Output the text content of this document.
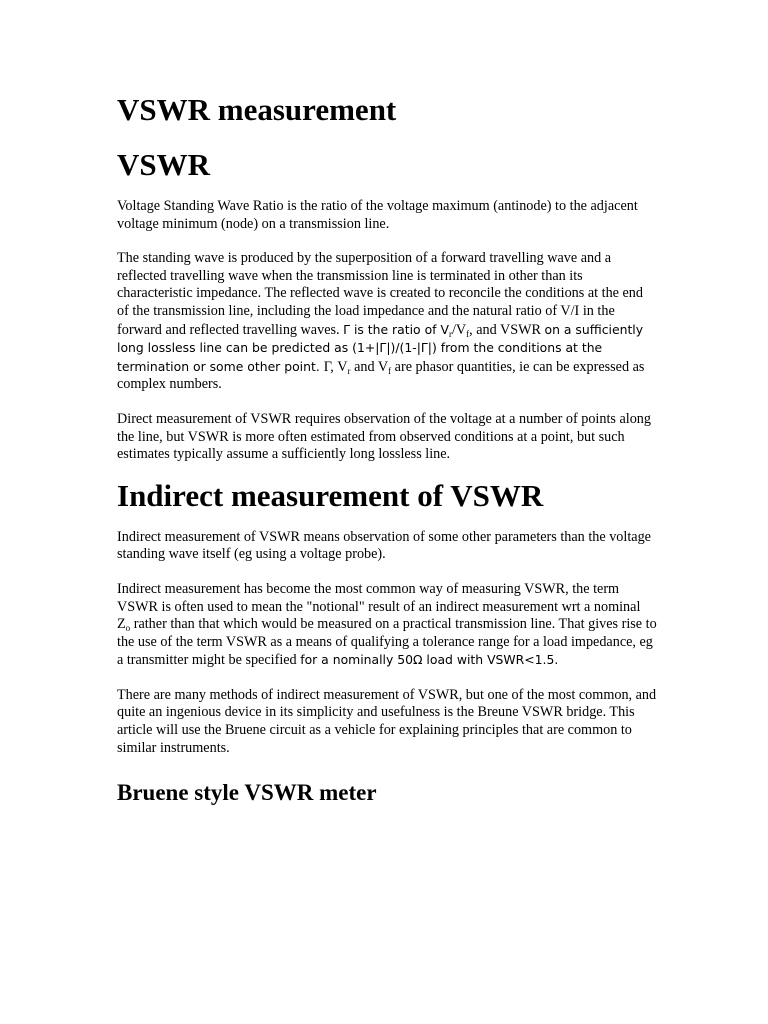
VSWR measurement
VSWR

Voltage Standing Wave Ratio is the ratio of the voltage maximum (antinode) to the adjacent voltage minimum (node) on a transmission line.

The standing wave is produced by the superposition of a forward travelling wave and a reflected travelling wave when the transmission line is terminated in other than its characteristic impedance. The reflected wave is created to reconcile the conditions at the end of the transmission line, including the load impedance and the natural ratio of V/I in the forward and reflected travelling waves. Γ is the ratio of $V_r/V_f$, and VSWR on a sufficiently long lossless line can be predicted as (1+|Γ|)/(1-|Γ|) from the conditions at the termination or some other point. Γ, $V_r$ and $V_f$ are phasor quantities, ie can be expressed as complex numbers.

Direct measurement of VSWR requires observation of the voltage at a number of points along the line, but VSWR is more often estimated from observed conditions at a point, but such estimates typically assume a sufficiently long lossless line.

Indirect measurement of VSWR

Indirect measurement of VSWR means observation of some other parameters than the voltage standing wave itself (eg using a voltage probe).

Indirect measurement has become the most common way of measuring VSWR, the term VSWR is often used to mean the "notional" result of an indirect measurement wrt a nominal $Z_o$ rather than that which would be measured on a practical transmission line. That gives rise to the use of the term VSWR as a means of qualifying a tolerance range for a load impedance, eg a transmitter might be specified for a nominally 50Ω load with VSWR<1.5.

There are many methods of indirect measurement of VSWR, but one of the most common, and quite an ingenious device in its simplicity and usefulness is the Breune VSWR bridge. This article will use the Bruene circuit as a vehicle for explaining principles that are common to similar instruments.

Bruene style VSWR meter
